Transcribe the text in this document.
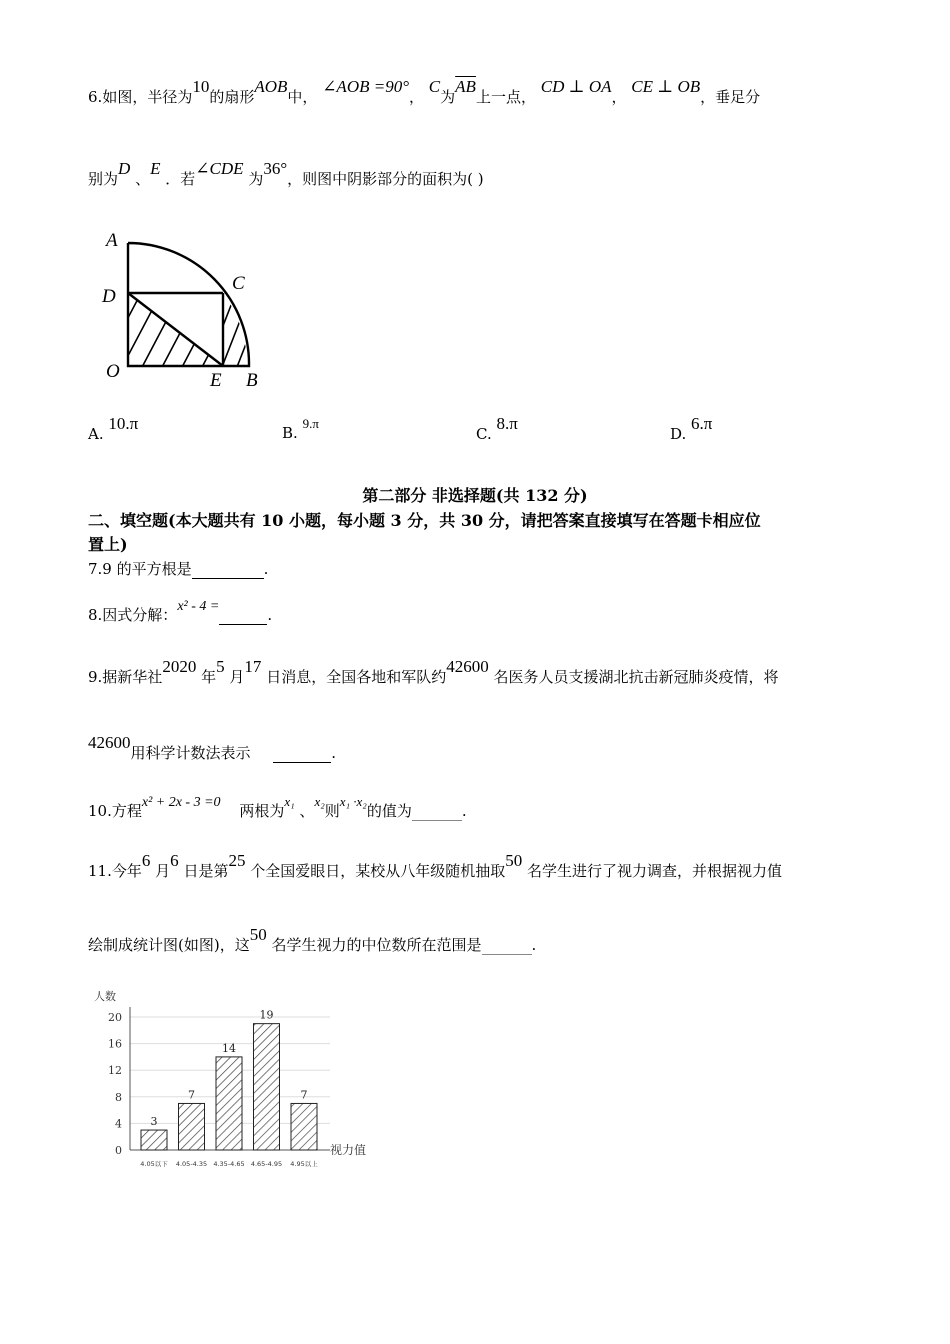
6.如图，半径为10的扇形AOB中， ∠AOB =90°， C为$\overline{AB}$上一点， CD ⊥ OA， CE ⊥ OB，垂足分
别为D 、E ．若∠CDE 为36°，则图中阴影部分的面积为( )
A
D
C
O	E B
A. 10.π	B. 9.π
C. 8.π
D. 6.π
第二部分 非选择题(共 132 分)
二、填空题(本大题共有 10 小题，每小题 3 分，共 30 分，请把答案直接填写在答题卡相应位
置上)
7.9 的平方根是	.
8.因式分解：x² - 4 =	.
9.据新华社2020 年5 月17 日消息，全国各地和军队约42600 名医务人员支援湖北抗击新冠肺炎疫情，将
42600用科学计数法表示	.
10.方程x² + 2x - 3 =0 两根为x₁ 、x₂则x₁ ·x₂的值为	.
11.今年6 月6 日是第25 个全国爱眼日，某校从八年级随机抽取50 名学生进行了视力调查，并根据视力值
绘制成统计图(如图)，这50 名学生视力的中位数所在范围是	.
人数
视力值
0
4
8
12
16
20
3
4.05以下
7
4.05-4.35
14
4.35-4.65
19
4.65-4.95
7
4.95以上
